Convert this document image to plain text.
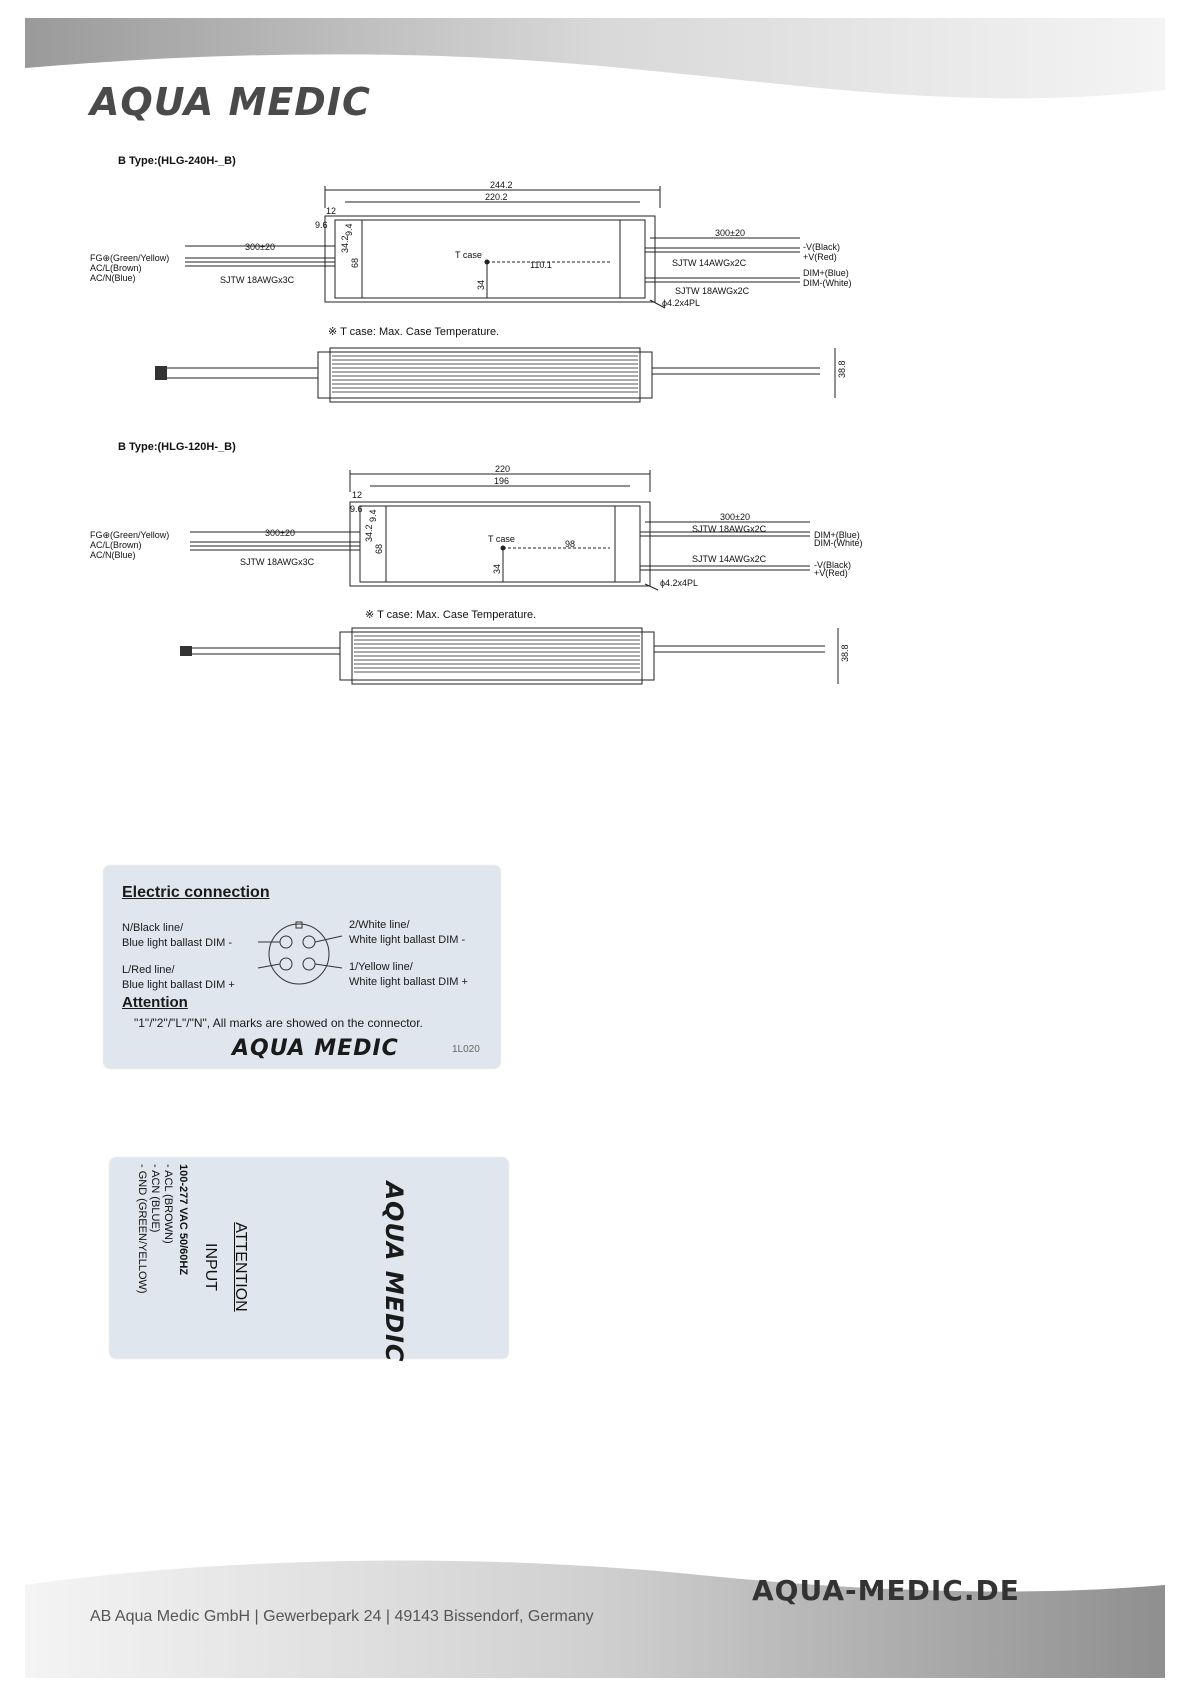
AQUA MEDIC
B Type:(HLG-240H-_B)
244.2
220.2
12
9.6
300±20
300±20
110.1
T case
34.2
68
9.4
34
FG⊕(Green/Yellow)
AC/L(Brown)
AC/N(Blue)	SJTW 18AWGx3C
SJTW 14AWGx2C
SJTW 18AWGx2C
-V(Black)
+V(Red)
DIM+(Blue)
DIM-(White)
ϕ4.2x4PL
38.8
※ T case: Max. Case Temperature.
B Type:(HLG-120H-_B)
220
196
12
9.6
300±20
300±20
98
T case
34.2
68
9.4
34
FG⊕(Green/Yellow)
AC/L(Brown)
AC/N(Blue)
SJTW 18AWGx3C
SJTW 18AWGx2C
SJTW 14AWGx2C
DIM+(Blue)
DIM-(White)
-V(Black)
+V(Red)
ϕ4.2x4PL
38.8
※ T case: Max. Case Temperature.
Electric connection
N/Black line/
Blue light ballast DIM -
L/Red line/
Blue light ballast DIM +
2/White line/
White light ballast DIM -
1/Yellow line/
White light ballast DIM +
Attention
"1"/"2"/"L"/"N", All marks are showed on the connector.
AQUA MEDIC	1L020
AQUA MEDIC
ATTENTION
INPUT
100-277 VAC 50/60HZ
- ACL (BROWN)
- ACN (BLUE)
- GND (GREEN/YELLOW)
AQUA-MEDIC.DE
AB Aqua Medic GmbH | Gewerbepark 24 | 49143 Bissendorf, Germany
